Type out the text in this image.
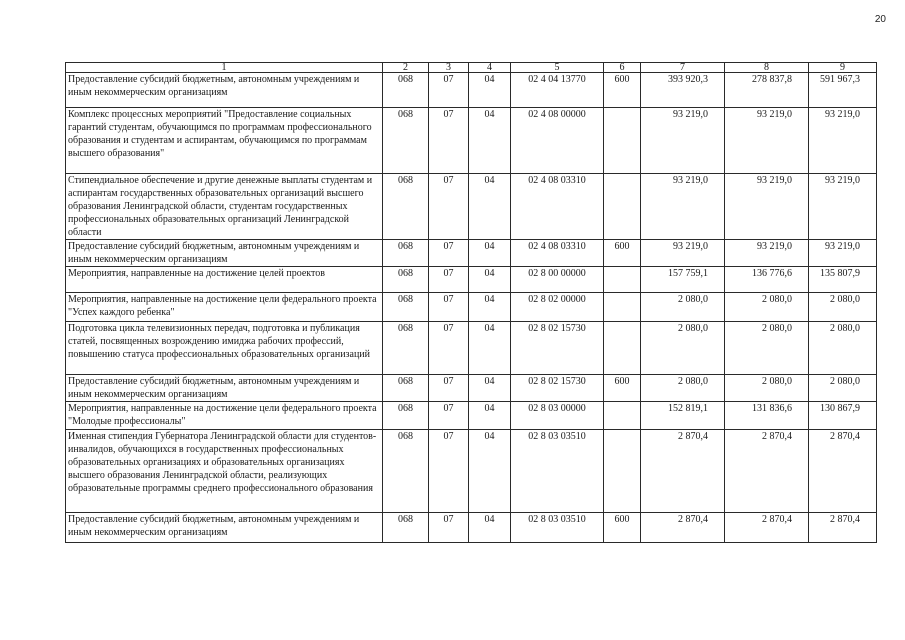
20
1	2	3	4	5	6	7	8	9
Предоставление субсидий бюджетным, автономным учреждениям и иным некоммерческим организациям	068	07	04	02 4 04 13770	600	393 920,3	278 837,8	591 967,3
Комплекс процессных мероприятий "Предоставление социальных гарантий студентам, обучающимся по программам профессионального образования и студентам и аспирантам, обучающимся по программам высшего образования"	068	07	04	02 4 08 00000		93 219,0	93 219,0	93 219,0
Стипендиальное обеспечение и другие денежные выплаты студентам и аспирантам государственных образовательных организаций высшего образования Ленинградской области, студентам государственных профессиональных образовательных организаций Ленинградской области	068	07	04	02 4 08 03310		93 219,0	93 219,0	93 219,0
Предоставление субсидий бюджетным, автономным учреждениям и иным некоммерческим организациям	068	07	04	02 4 08 03310	600	93 219,0	93 219,0	93 219,0
Мероприятия, направленные на достижение целей проектов	068	07	04	02 8 00 00000		157 759,1	136 776,6	135 807,9
Мероприятия, направленные на достижение цели федерального проекта "Успех каждого ребенка"	068	07	04	02 8 02 00000		2 080,0	2 080,0	2 080,0
Подготовка цикла телевизионных передач, подготовка и публикация статей, посвященных возрождению имиджа рабочих профессий, повышению статуса профессиональных образовательных организаций	068	07	04	02 8 02 15730		2 080,0	2 080,0	2 080,0
Предоставление субсидий бюджетным, автономным учреждениям и иным некоммерческим организациям	068	07	04	02 8 02 15730	600	2 080,0	2 080,0	2 080,0
Мероприятия, направленные на достижение цели федерального проекта "Молодые профессионалы"	068	07	04	02 8 03 00000		152 819,1	131 836,6	130 867,9
Именная стипендия Губернатора Ленинградской области для студентов-инвалидов, обучающихся в государственных профессиональных образовательных организациях и образовательных организациях высшего образования Ленинградской области, реализующих образовательные программы среднего профессионального образования	068	07	04	02 8 03 03510		2 870,4	2 870,4	2 870,4
Предоставление субсидий бюджетным, автономным учреждениям и иным некоммерческим организациям	068	07	04	02 8 03 03510	600	2 870,4	2 870,4	2 870,4
